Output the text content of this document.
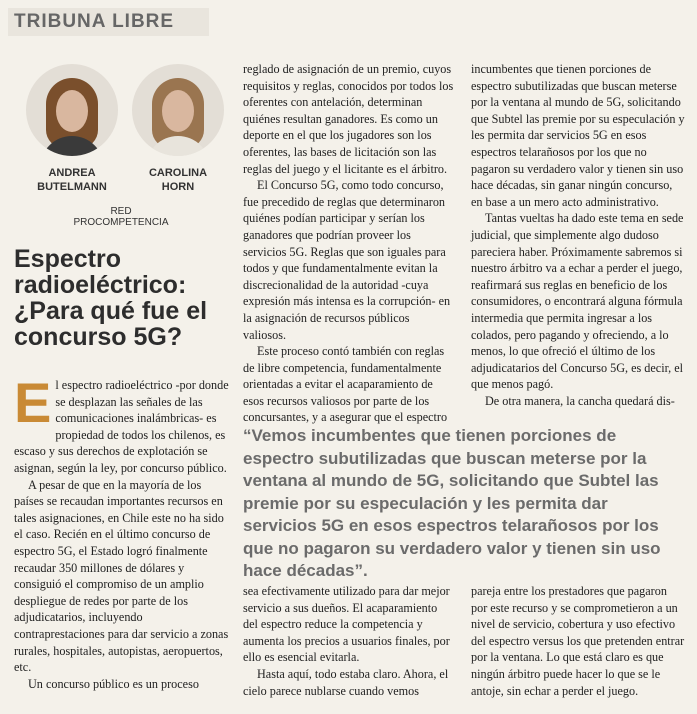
TRIBUNA LIBRE
ANDREA
BUTELMANN
CAROLINA
HORN
RED PROCOMPETENCIA
Espectro radioeléctrico: ¿Para qué fue el concurso 5G?

El espectro radioeléctrico -por donde se desplazan las señales de las comunicaciones inalámbricas- es propiedad de todos los chilenos, es escaso y sus derechos de explotación se asignan, según la ley, por concurso público.

A pesar de que en la mayoría de los países se recaudan importantes recursos en tales asignaciones, en Chile este no ha sido el caso. Recién en el último concurso de espectro 5G, el Estado logró finalmente recaudar 350 millones de dólares y consiguió el compromiso de un amplio despliegue de redes por parte de los adjudicatarios, incluyendo contraprestaciones para dar servicio a zonas rurales, hospitales, autopistas, aeropuertos, etc.

Un concurso público es un proceso

reglado de asignación de un premio, cuyos requisitos y reglas, conocidos por todos los oferentes con antelación, determinan quiénes resultan ganadores. Es como un deporte en el que los jugadores son los oferentes, las bases de licitación son las reglas del juego y el licitante es el árbitro.

El Concurso 5G, como todo concurso, fue precedido de reglas que determinaron quiénes podían participar y serían los ganadores que podrían proveer los servicios 5G. Reglas que son iguales para todos y que fundamentalmente evitan la discrecionalidad de la autoridad -cuya expresión más intensa es la corrupción- en la asignación de recursos públicos valiosos.

Este proceso contó también con reglas de libre competencia, fundamentalmente orientadas a evitar el acaparamiento de esos recursos valiosos por parte de los concursantes, y a asegurar que el espectro

incumbentes que tienen porciones de espectro subutilizadas que buscan meterse por la ventana al mundo de 5G, solicitando que Subtel las premie por su especulación y les permita dar servicios 5G en esos espectros telarañosos por los que no pagaron su verdadero valor y tienen sin uso hace décadas, sin ganar ningún concurso, en base a un mero acto administrativo.

Tantas vueltas ha dado este tema en sede judicial, que simplemente algo dudoso pareciera haber. Próximamente sabremos si nuestro árbitro va a echar a perder el juego, reafirmará sus reglas en beneficio de los consumidores, o encontrará alguna fórmula intermedia que permita ingresar a los colados, pero pagando y ofreciendo, a lo menos, lo que ofreció el último de los adjudicatarios del Concurso 5G, es decir, el que menos pagó.

De otra manera, la cancha quedará dis-

“Vemos incumbentes que tienen porciones de espectro subutilizadas que buscan meterse por la ventana al mundo de 5G, solicitando que Subtel las premie por su especulación y les permita dar servicios 5G en esos espectros telarañosos por los que no pagaron su verdadero valor y tienen sin uso hace décadas”.

sea efectivamente utilizado para dar mejor servicio a sus dueños. El acaparamiento del espectro reduce la competencia y aumenta los precios a usuarios finales, por ello es esencial evitarla.

Hasta aquí, todo estaba claro. Ahora, el cielo parece nublarse cuando vemos

pareja entre los prestadores que pagaron por este recurso y se comprometieron a un nivel de servicio, cobertura y uso efectivo del espectro versus los que pretenden entrar por la ventana. Lo que está claro es que ningún árbitro puede hacer lo que se le antoje, sin echar a perder el juego.
